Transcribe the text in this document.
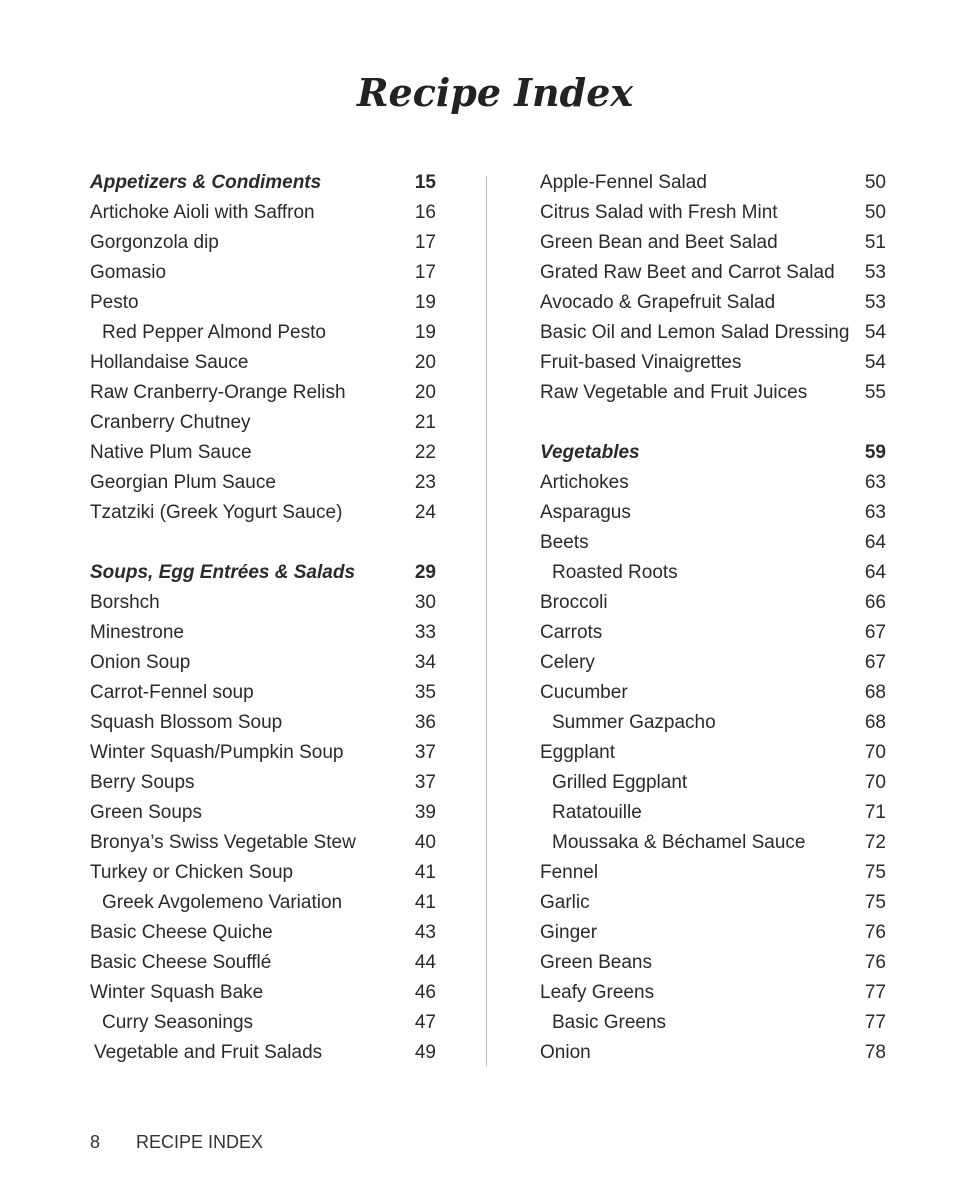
Recipe Index
Appetizers & Condiments	15
Artichoke Aioli with Saffron	16
Gorgonzola dip	17
Gomasio	17
Pesto	19
Red Pepper Almond Pesto	19
Hollandaise Sauce	20
Raw Cranberry-Orange Relish	20
Cranberry Chutney	21
Native Plum Sauce	22
Georgian Plum Sauce	23
Tzatziki (Greek Yogurt Sauce)	24
Soups, Egg Entrées & Salads	29
Borshch	30
Minestrone	33
Onion Soup	34
Carrot-Fennel soup	35
Squash Blossom Soup	36
Winter Squash/Pumpkin Soup	37
Berry Soups	37
Green Soups	39
Bronya’s Swiss Vegetable Stew	40
Turkey or Chicken Soup	41
Greek Avgolemeno Variation	41
Basic Cheese Quiche	43
Basic Cheese Soufflé	44
Winter Squash Bake	46
Curry Seasonings	47
Vegetable and Fruit Salads	49
Apple-Fennel Salad	50
Citrus Salad with Fresh Mint	50
Green Bean and Beet Salad	51
Grated Raw Beet and Carrot Salad 53
Avocado & Grapefruit Salad	53
Basic Oil and Lemon Salad Dressing 54
Fruit-based Vinaigrettes	54
Raw Vegetable and Fruit Juices	55
Vegetables	59
Artichokes	63
Asparagus	63
Beets	64
Roasted Roots	64
Broccoli	66
Carrots	67
Celery	67
Cucumber	68
Summer Gazpacho	68
Eggplant	70
Grilled Eggplant	70
Ratatouille	71
Moussaka & Béchamel Sauce	72
Fennel	75
Garlic	75
Ginger	76
Green Beans	76
Leafy Greens	77
Basic Greens	77
Onion	78
8 RECIPE INDEX
